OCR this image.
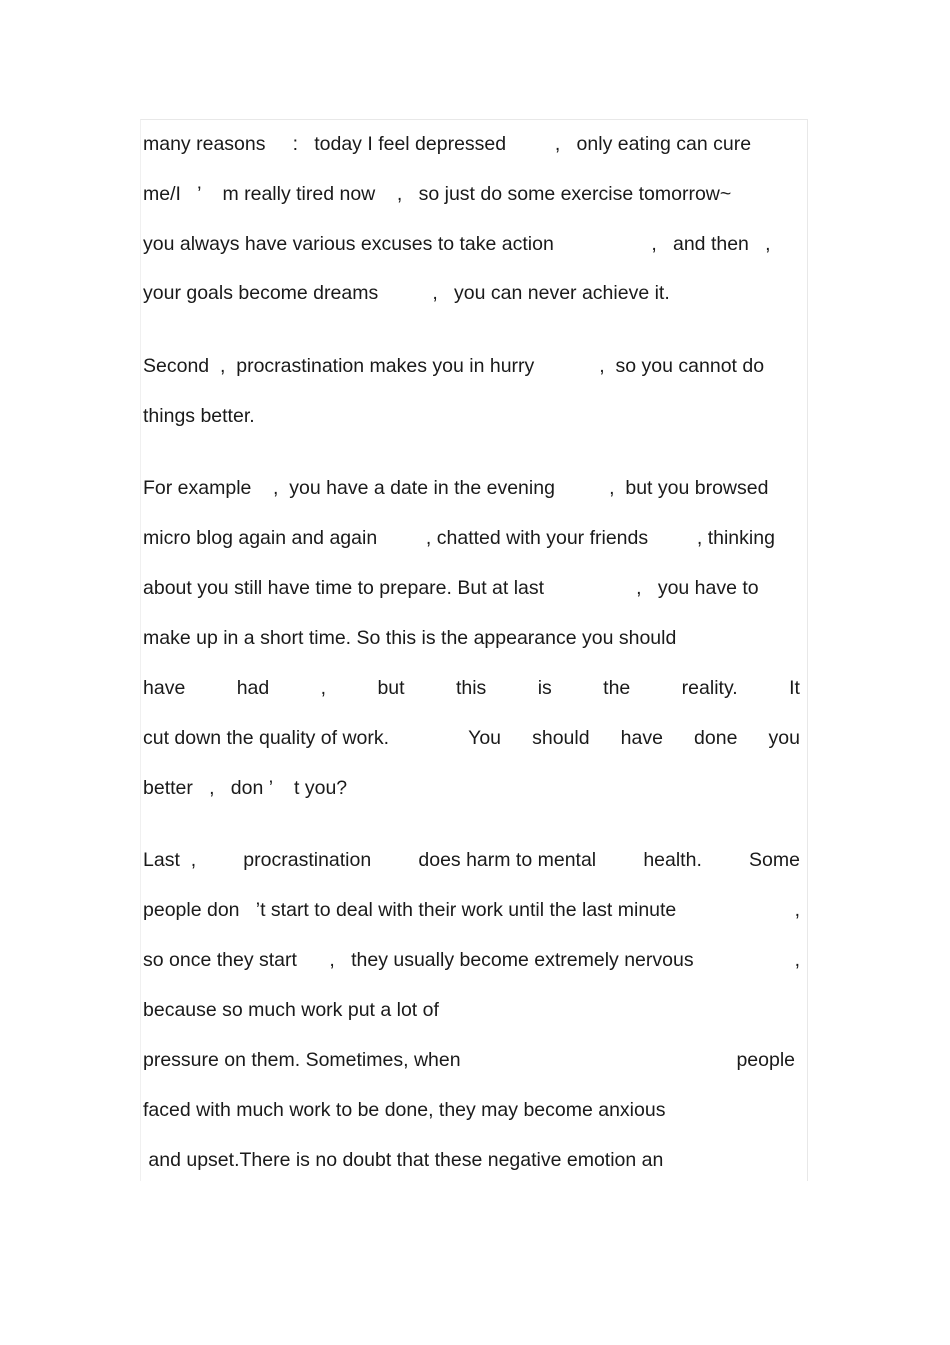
many reasons     :   today I feel depressed         ,   only eating can cure
me/I   ’    m really tired now    ,   so just do some exercise tomorrow~
you always have various excuses to take action                  ,   and then   ,
your goals become dreams          ,   you can never achieve it.
Second  ,  procrastination makes you in hurry            ,  so you cannot do
things better.
For example    ,  you have a date in the evening          ,  but you browsed
micro blog again and again         , chatted with your friends         , thinking
about you still have time to prepare. But at last                 ,   you have to
make up in a short time. So this is the appearance you should
have	had	,	but	this	is	the	reality.	It
cut down the quality of work.	You should have done you
better   ,   don ’    t you?
Last  , procrastination does harm to mental health. Some
people don   ’t start to deal with their work until the last minute	,
so once they start      ,   they usually become extremely nervous	,
because so much work put a lot of
pressure on them. Sometimes, when	people
faced with much work to be done, they may become anxious
and upset.There is no doubt that these negative emotion an
